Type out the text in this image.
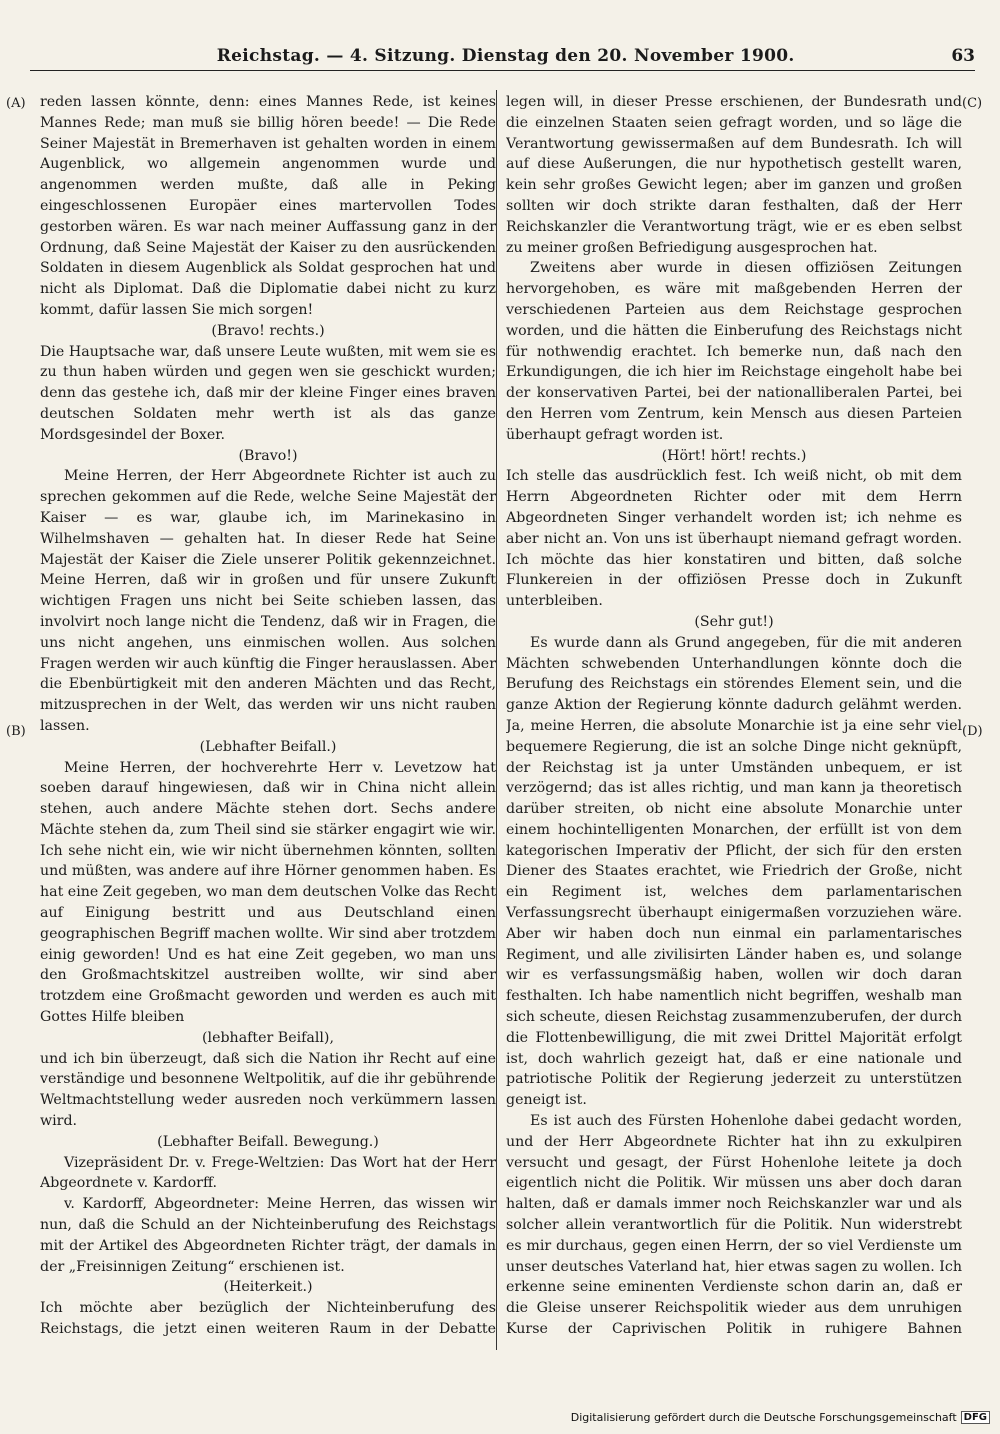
Reichstag. — 4. Sitzung. Dienstag den 20. November 1900.	63
(A)
(B)
(C)
(D)

reden lassen könnte, denn: eines Mannes Rede, ist keines Mannes Rede; man muß sie billig hören beede! — Die Rede Seiner Majestät in Bremerhaven ist gehalten worden in einem Augenblick, wo allgemein angenommen wurde und angenommen werden mußte, daß alle in Peking eingeschlossenen Europäer eines martervollen Todes gestorben wären. Es war nach meiner Auffassung ganz in der Ordnung, daß Seine Majestät der Kaiser zu den ausrückenden Soldaten in diesem Augenblick als Soldat gesprochen hat und nicht als Diplomat. Daß die Diplomatie dabei nicht zu kurz kommt, dafür lassen Sie mich sorgen!

(Bravo! rechts.)

Die Hauptsache war, daß unsere Leute wußten, mit wem sie es zu thun haben würden und gegen wen sie geschickt wurden; denn das gestehe ich, daß mir der kleine Finger eines braven deutschen Soldaten mehr werth ist als das ganze Mordsgesindel der Boxer.

(Bravo!)

Meine Herren, der Herr Abgeordnete Richter ist auch zu sprechen gekommen auf die Rede, welche Seine Majestät der Kaiser — es war, glaube ich, im Marinekasino in Wilhelmshaven — gehalten hat. In dieser Rede hat Seine Majestät der Kaiser die Ziele unserer Politik gekennzeichnet. Meine Herren, daß wir in großen und für unsere Zukunft wichtigen Fragen uns nicht bei Seite schieben lassen, das involvirt noch lange nicht die Tendenz, daß wir in Fragen, die uns nicht angehen, uns einmischen wollen. Aus solchen Fragen werden wir auch künftig die Finger herauslassen. Aber die Ebenbürtigkeit mit den anderen Mächten und das Recht, mitzusprechen in der Welt, das werden wir uns nicht rauben lassen.

(Lebhafter Beifall.)

Meine Herren, der hochverehrte Herr v. Levetzow hat soeben darauf hingewiesen, daß wir in China nicht allein stehen, auch andere Mächte stehen dort. Sechs andere Mächte stehen da, zum Theil sind sie stärker engagirt wie wir. Ich sehe nicht ein, wie wir nicht übernehmen könnten, sollten und müßten, was andere auf ihre Hörner genommen haben. Es hat eine Zeit gegeben, wo man dem deutschen Volke das Recht auf Einigung bestritt und aus Deutschland einen geographischen Begriff machen wollte. Wir sind aber trotzdem einig geworden! Und es hat eine Zeit gegeben, wo man uns den Großmachtskitzel austreiben wollte, wir sind aber trotzdem eine Großmacht geworden und werden es auch mit Gottes Hilfe bleiben

(lebhafter Beifall),

und ich bin überzeugt, daß sich die Nation ihr Recht auf eine verständige und besonnene Weltpolitik, auf die ihr gebührende Weltmachtstellung weder ausreden noch verkümmern lassen wird.

(Lebhafter Beifall. Bewegung.)

Vizepräsident Dr. v. Frege-Weltzien: Das Wort hat der Herr Abgeordnete v. Kardorff.

v. Kardorff, Abgeordneter: Meine Herren, das wissen wir nun, daß die Schuld an der Nichteinberufung des Reichstags mit der Artikel des Abgeordneten Richter trägt, der damals in der „Freisinnigen Zeitung“ erschienen ist.

(Heiterkeit.)

Ich möchte aber bezüglich der Nichteinberufung des Reichstags, die jetzt einen weiteren Raum in der Debatte

legen will, in dieser Presse erschienen, der Bundesrath und die einzelnen Staaten seien gefragt worden, und so läge die Verantwortung gewissermaßen auf dem Bundesrath. Ich will auf diese Außerungen, die nur hypothetisch gestellt waren, kein sehr großes Gewicht legen; aber im ganzen und großen sollten wir doch strikte daran festhalten, daß der Herr Reichskanzler die Verantwortung trägt, wie er es eben selbst zu meiner großen Befriedigung ausgesprochen hat.

Zweitens aber wurde in diesen offiziösen Zeitungen hervorgehoben, es wäre mit maßgebenden Herren der verschiedenen Parteien aus dem Reichstage gesprochen worden, und die hätten die Einberufung des Reichstags nicht für nothwendig erachtet. Ich bemerke nun, daß nach den Erkundigungen, die ich hier im Reichstage eingeholt habe bei der konservativen Partei, bei der nationalliberalen Partei, bei den Herren vom Zentrum, kein Mensch aus diesen Parteien überhaupt gefragt worden ist.

(Hört! hört! rechts.)

Ich stelle das ausdrücklich fest. Ich weiß nicht, ob mit dem Herrn Abgeordneten Richter oder mit dem Herrn Abgeordneten Singer verhandelt worden ist; ich nehme es aber nicht an. Von uns ist überhaupt niemand gefragt worden. Ich möchte das hier konstatiren und bitten, daß solche Flunkereien in der offiziösen Presse doch in Zukunft unterbleiben.

(Sehr gut!)

Es wurde dann als Grund angegeben, für die mit anderen Mächten schwebenden Unterhandlungen könnte doch die Berufung des Reichstags ein störendes Element sein, und die ganze Aktion der Regierung könnte dadurch gelähmt werden. Ja, meine Herren, die absolute Monarchie ist ja eine sehr viel bequemere Regierung, die ist an solche Dinge nicht geknüpft, der Reichstag ist ja unter Umständen unbequem, er ist verzögernd; das ist alles richtig, und man kann ja theoretisch darüber streiten, ob nicht eine absolute Monarchie unter einem hochintelligenten Monarchen, der erfüllt ist von dem kategorischen Imperativ der Pflicht, der sich für den ersten Diener des Staates erachtet, wie Friedrich der Große, nicht ein Regiment ist, welches dem parlamentarischen Verfassungsrecht überhaupt einigermaßen vorzuziehen wäre. Aber wir haben doch nun einmal ein parlamentarisches Regiment, und alle zivilisirten Länder haben es, und solange wir es verfassungsmäßig haben, wollen wir doch daran festhalten. Ich habe namentlich nicht begriffen, weshalb man sich scheute, diesen Reichstag zusammenzuberufen, der durch die Flottenbewilligung, die mit zwei Drittel Majorität erfolgt ist, doch wahrlich gezeigt hat, daß er eine nationale und patriotische Politik der Regierung jederzeit zu unterstützen geneigt ist.

Es ist auch des Fürsten Hohenlohe dabei gedacht worden, und der Herr Abgeordnete Richter hat ihn zu exkulpiren versucht und gesagt, der Fürst Hohenlohe leitete ja doch eigentlich nicht die Politik. Wir müssen uns aber doch daran halten, daß er damals immer noch Reichskanzler war und als solcher allein verantwortlich für die Politik. Nun widerstrebt es mir durchaus, gegen einen Herrn, der so viel Verdienste um unser deutsches Vaterland hat, hier etwas sagen zu wollen. Ich erkenne seine eminenten Verdienste schon darin an, daß er die Gleise unserer Reichspolitik wieder aus dem unruhigen Kurse der Caprivischen Politik in ruhigere Bahnen

Digitalisierung gefördert durch die Deutsche Forschungsgemeinschaft DFG
